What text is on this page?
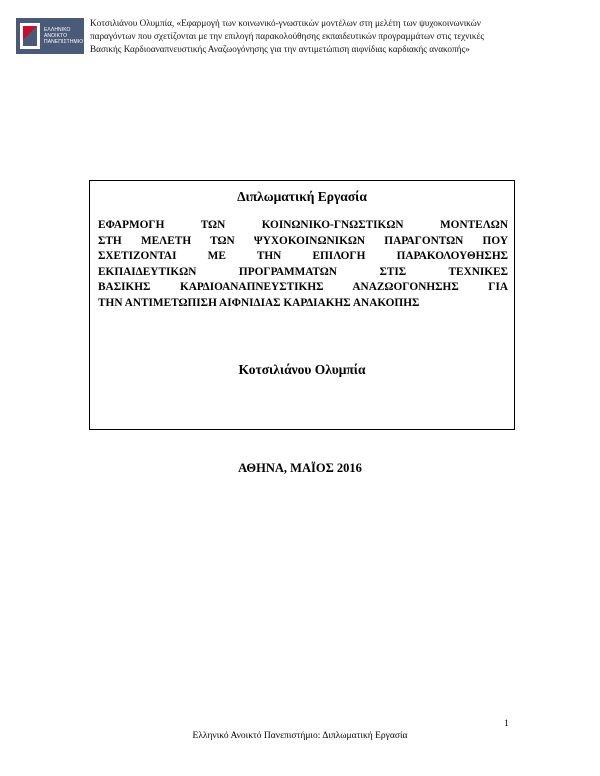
ΕΛΛΗΝΙΚΟ
ΑΝΟΙΚΤΟ
ΠΑΝΕΠΙΣΤΗΜΙΟ
Κοτσιλιάνου Ολυμπία, «Εφαρμογή των κοινωνικό-γνωστικών μοντέλων στη μελέτη των ψυχοκοινωνικών
παραγόντων που σχετίζονται με την επιλογή παρακολούθησης εκπαιδευτικών προγραμμάτων στις τεχνικές
Βασικής Καρδιοαναπνευστικής Αναζωογόνησης για την αντιμετώπιση αιφνίδιας καρδιακής ανακοπής»
Διπλωματική Εργασία
ΕΦΑΡΜΟΓΗ ΤΩΝ ΚΟΙΝΩΝΙΚΟ-ΓΝΩΣΤΙΚΩΝ ΜΟΝΤΕΛΩΝ
ΣΤΗ ΜΕΛΕΤΗ ΤΩΝ ΨΥΧΟΚΟΙΝΩΝΙΚΩΝ ΠΑΡΑΓΟΝΤΩΝ ΠΟΥ
ΣΧΕΤΙΖΟΝΤΑΙ ΜΕ ΤΗΝ ΕΠΙΛΟΓΗ ΠΑΡΑΚΟΛΟΥΘΗΣΗΣ
ΕΚΠΑΙΔΕΥΤΙΚΩΝ ΠΡΟΓΡΑΜΜΑΤΩΝ ΣΤΙΣ ΤΕΧΝΙΚΕΣ
ΒΑΣΙΚΗΣ ΚΑΡΔΙΟΑΝΑΠΝΕΥΣΤΙΚΗΣ ΑΝΑΖΩΟΓΟΝΗΣΗΣ ΓΙΑ
ΤΗΝ ΑΝΤΙΜΕΤΩΠΙΣΗ ΑΙΦΝΙΔΙΑΣ ΚΑΡΔΙΑΚΗΣ ΑΝΑΚΟΠΗΣ
Κοτσιλιάνου Ολυμπία
ΑΘΗΝΑ, ΜΑΪΟΣ 2016
1
Ελληνικό Ανοικτό Πανεπιστήμιο: Διπλωματική Εργασία
